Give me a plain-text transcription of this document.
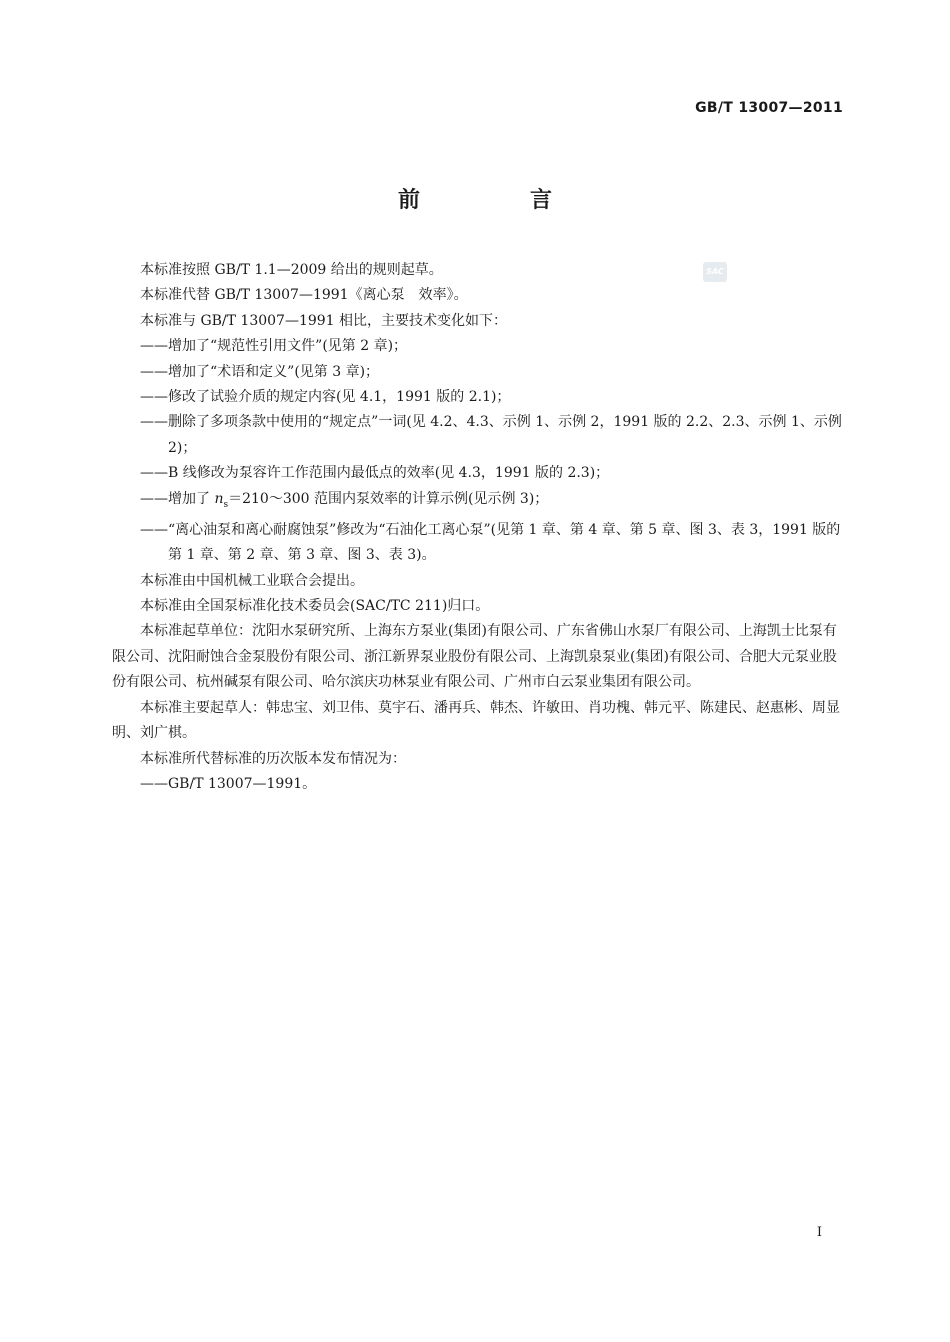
GB/T 13007—2011
前　言
SAC

本标准按照 GB/T 1.1—2009 给出的规则起草。

本标准代替 GB/T 13007—1991《离心泵　效率》。

本标准与 GB/T 13007—1991 相比，主要技术变化如下：

——增加了“规范性引用文件”(见第 2 章)；

——增加了“术语和定义”(见第 3 章)；

——修改了试验介质的规定内容(见 4.1，1991 版的 2.1)；

——删除了多项条款中使用的“规定点”一词(见 4.2、4.3、示例 1、示例 2，1991 版的 2.2、2.3、示例 1、示例 2)；

——B 线修改为泵容许工作范围内最低点的效率(见 4.3，1991 版的 2.3)；

——增加了 $n_s=210\sim 300$ 范围内泵效率的计算示例(见示例 3)；

——“离心油泵和离心耐腐蚀泵”修改为“石油化工离心泵”(见第 1 章、第 4 章、第 5 章、图 3、表 3，1991 版的第 1 章、第 2 章、第 3 章、图 3、表 3)。

本标准由中国机械工业联合会提出。

本标准由全国泵标准化技术委员会(SAC/TC 211)归口。

本标准起草单位：沈阳水泵研究所、上海东方泵业(集团)有限公司、广东省佛山水泵厂有限公司、上海凯士比泵有限公司、沈阳耐蚀合金泵股份有限公司、浙江新界泵业股份有限公司、上海凯泉泵业(集团)有限公司、合肥大元泵业股份有限公司、杭州碱泵有限公司、哈尔滨庆功林泵业有限公司、广州市白云泵业集团有限公司。

本标准主要起草人：韩忠宝、刘卫伟、莫宇石、潘再兵、韩杰、许敏田、肖功槐、韩元平、陈建民、赵惠彬、周显明、刘广棋。

本标准所代替标准的历次版本发布情况为：

——GB/T 13007—1991。

I
